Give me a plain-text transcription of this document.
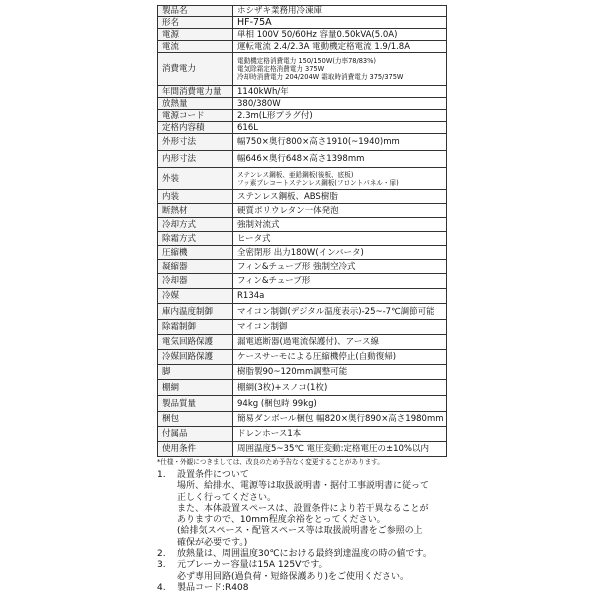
製品名	ホシザキ業務用冷凍庫

形名	HF-75A

電源	単相 100V 50/60Hz 容量0.50kVA(5.0A)

電流	運転電流 2.4/2.3A 電動機定格電流 1.9/1.8A

消費電力	電動機定格消費電力 150/150W(力率78/83%)
電気除霜定格消費電力 375W
冷却時消費電力 204/204W 霜取時消費電力 375/375W

年間消費電力量	1140kWh/年

放熱量	380/380W

電源コード	2.3m(L形プラグ付)

定格内容積	616L

外形寸法	幅750×奥行800×高さ1910(~1940)mm

内形寸法	幅646×奥行648×高さ1398mm

外装	ステンレス鋼板、亜鉛鋼板(後板、底板)
フッ素プレコートステンレス鋼板(フロントパネル・扉)

内装	ステンレス鋼板、ABS樹脂

断熱材	硬質ポリウレタン一体発泡

冷却方式	強制対流式

除霜方式	ヒータ式

圧縮機	全密閉形 出力180W(インバータ)

凝縮器	フィン&チューブ形 強制空冷式

冷却器	フィン&チューブ形

冷媒	R134a

庫内温度制御	マイコン制御(デジタル温度表示)-25~-7℃調節可能

除霜制御	マイコン制御

電気回路保護	漏電遮断器(過電流保護付)、アース線

冷媒回路保護	ケースサーモによる圧縮機停止(自動復帰)

脚	樹脂製90~120mm調整可能

棚網	棚網(3枚)+スノコ(1枚)

製品質量	94kg (梱包時 99kg)

梱包	簡易ダンボール梱包 幅820×奥行890×高さ1980mm

付属品	ドレンホース1本

使用条件	周囲温度5~35℃ 電圧変動:定格電圧の±10%以内
*仕様・外観につきましては、改良のため予告なく変更することがあります。
1. 設置条件について
場所、給排水、電源等は取扱説明書・据付工事説明書に従って
正しく行ってください。
また、本体設置スペースは、設置条件により若干異なることが
ありますので、10mm程度余裕をとってください。
(給排気スペース・配管スペース等は取扱説明書をご参照の上
確保が必要です。)
2. 放熱量は、周囲温度30℃における最終到達温度の時の値です。
3. 元ブレーカー容量は15A 125Vです。
必ず専用回路(過負荷・短絡保護あり)をご使用ください。
4. 製品コード:R408
